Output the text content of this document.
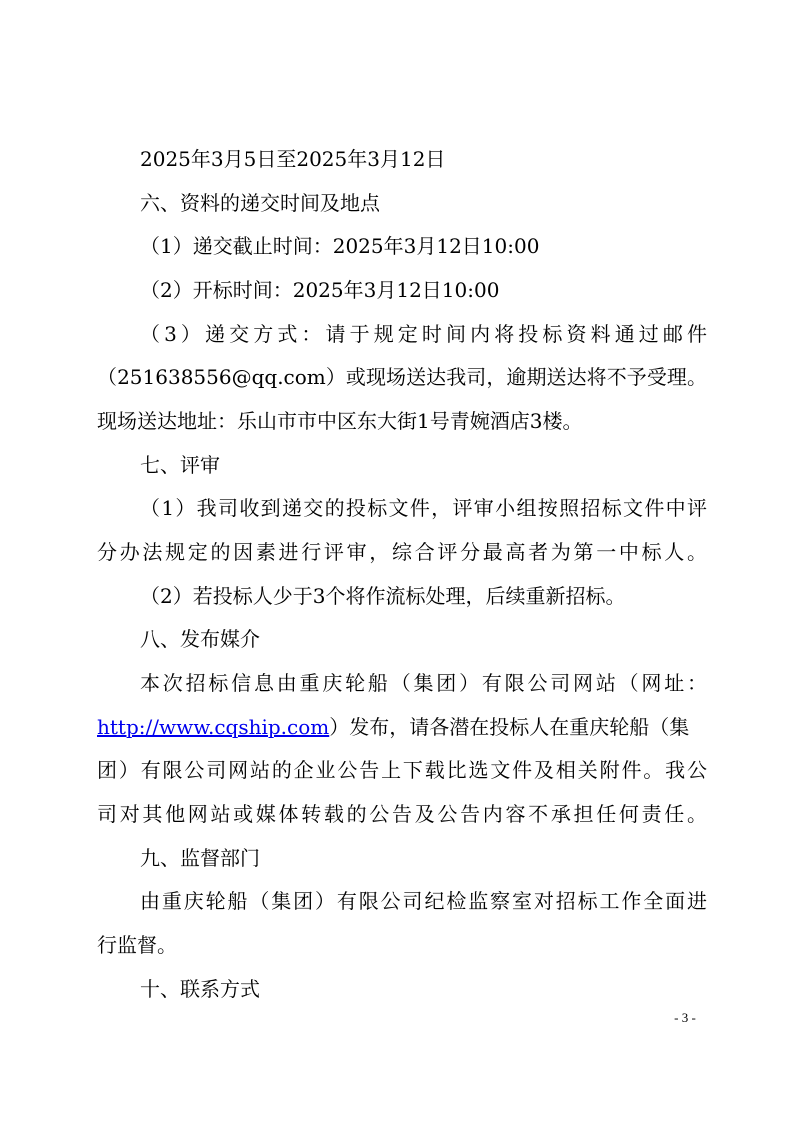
2025年3月5日至2025年3月12日
六、资料的递交时间及地点
（1）递交截止时间：2025年3月12日10:00
（2）开标时间：2025年3月12日10:00
（3）递交方式：请于规定时间内将投标资料通过邮件
（251638556@qq.com）或现场送达我司，逾期送达将不予受理。
现场送达地址：乐山市市中区东大街1号青婉酒店3楼。
七、评审
（1）我司收到递交的投标文件，评审小组按照招标文件中评
分办法规定的因素进行评审，综合评分最高者为第一中标人。
（2）若投标人少于3个将作流标处理，后续重新招标。
八、发布媒介
本次招标信息由重庆轮船（集团）有限公司网站（网址：
http://www.cqship.com）发布，请各潜在投标人在重庆轮船（集
团）有限公司网站的企业公告上下载比选文件及相关附件。我公
司对其他网站或媒体转载的公告及公告内容不承担任何责任。
九、监督部门
由重庆轮船（集团）有限公司纪检监察室对招标工作全面进
行监督。
十、联系方式
- 3 -
